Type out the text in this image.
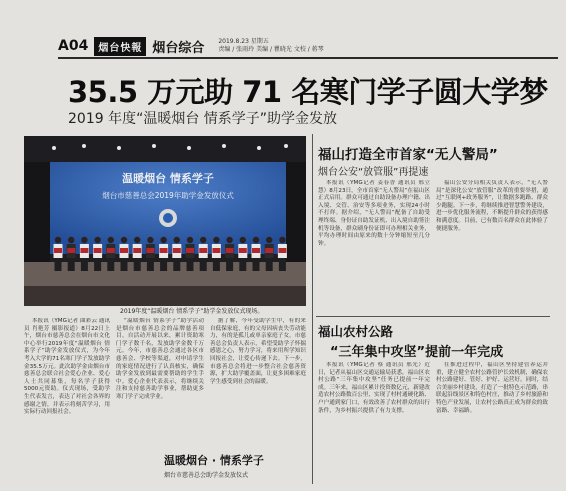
A04	烟台快報 烟台综合 2019.8.23 星期五
责编 / 张雨玲 美编 / 瞿晓光 文校 / 蒋琴
35.5 万元助 71 名寒门学子圆大学梦
2019 年度“温暖烟台 情系学子”助学金发放
温暖烟台 情系学子
烟台市慈善总会2019年助学金发放仪式
2019年度“温暖烟台 情系学子”助学金发放仪式现场。

本报讯（YMG记者 曲彩云 通讯员 肖艳芳 摄影报道）8月22日上午，烟台市慈善总会在烟台市文化中心举行2019年度“温暖烟台 情系学子”助学金发放仪式，为今年考入大学的71名寒门学子发放助学金35.5万元。此次助学金由烟台市慈善总会联合社会爱心企业、爱心人士共同募集，每名学子获得5000元资助。仪式现场，受助学生代表发言，表达了对社会各界的感谢之情，并表示将刻苦学习，用实际行动回报社会。

“温暖烟台 情系学子”助学活动是烟台市慈善总会的品牌慈善项目。自活动开展以来，累计资助寒门学子数千名，发放助学金数千万元。今年，市慈善总会通过各区市慈善会、学校等渠道，对申请学生的家庭情况进行了认真核实，确保助学金发放到最需要帮助的学生手中。爱心企业代表表示，将继续关注和支持慈善助学事业，帮助更多寒门学子完成学业。

据了解，今年受助学生中，有的来自低保家庭，有的父母因病丧失劳动能力，有的是孤儿或单亲家庭子女。市慈善总会负责人表示，希望受助学子怀揣感恩之心，努力学习，将来用所学知识回报社会，让爱心传递下去。下一步，市慈善总会将进一步整合社会慈善资源，扩大助学覆盖面，让更多困难家庭学生感受到社会的温暖。

温暖烟台 · 情系学子
烟台市慈善总会助学金发放仪式
福山打造全市首家“无人警局”
烟台公安“放管服”再提速

本报讯（YMG记者 姜春香 通讯员 邢立慧）8月23日，全市首家“无人警局”在福山区正式启用。群众可通过自助设备办理户籍、出入境、交管、治安等多项业务，实现24小时不打烊。据介绍，“无人警局”配备了自助受理终端、身份证自助发证机、出入境自助签注机等设备，群众刷身份证即可办理相关业务，平均办理时间由原来的数十分钟缩短至几分钟。

福山公安分局相关负责人表示，“无人警局”是深化公安“放管服”改革的重要举措，通过“互联网+政务服务”，让数据多跑路、群众少跑腿。下一步，将继续推进智慧警务建设，进一步优化服务流程，不断提升群众的获得感和满意度。目前，已有数百名群众在此体验了便捷服务。

福山农村公路
“三年集中攻坚”提前一年完成

本报讯（YMG记者 蔡 通讯员 邢光）近日，记者从福山区交通运输局获悉，福山区农村公路“三年集中攻坚”任务已提前一年完成。三年来，福山区累计投资数亿元，新建改造农村公路数百公里，实现了村村通硬化路、户户通到家门口，有效改善了农村群众的出行条件，为乡村振兴提供了有力支撑。

在推进过程中，福山区坚持建管养运并重，建立健全农村公路管护长效机制，确保农村公路建好、管好、护好、运营好。同时，结合美丽乡村建设，打造了一批特色示范路，串联起沿线景区和特色村庄，推动了乡村旅游和特色产业发展，让农村公路真正成为群众的致富路、幸福路。
